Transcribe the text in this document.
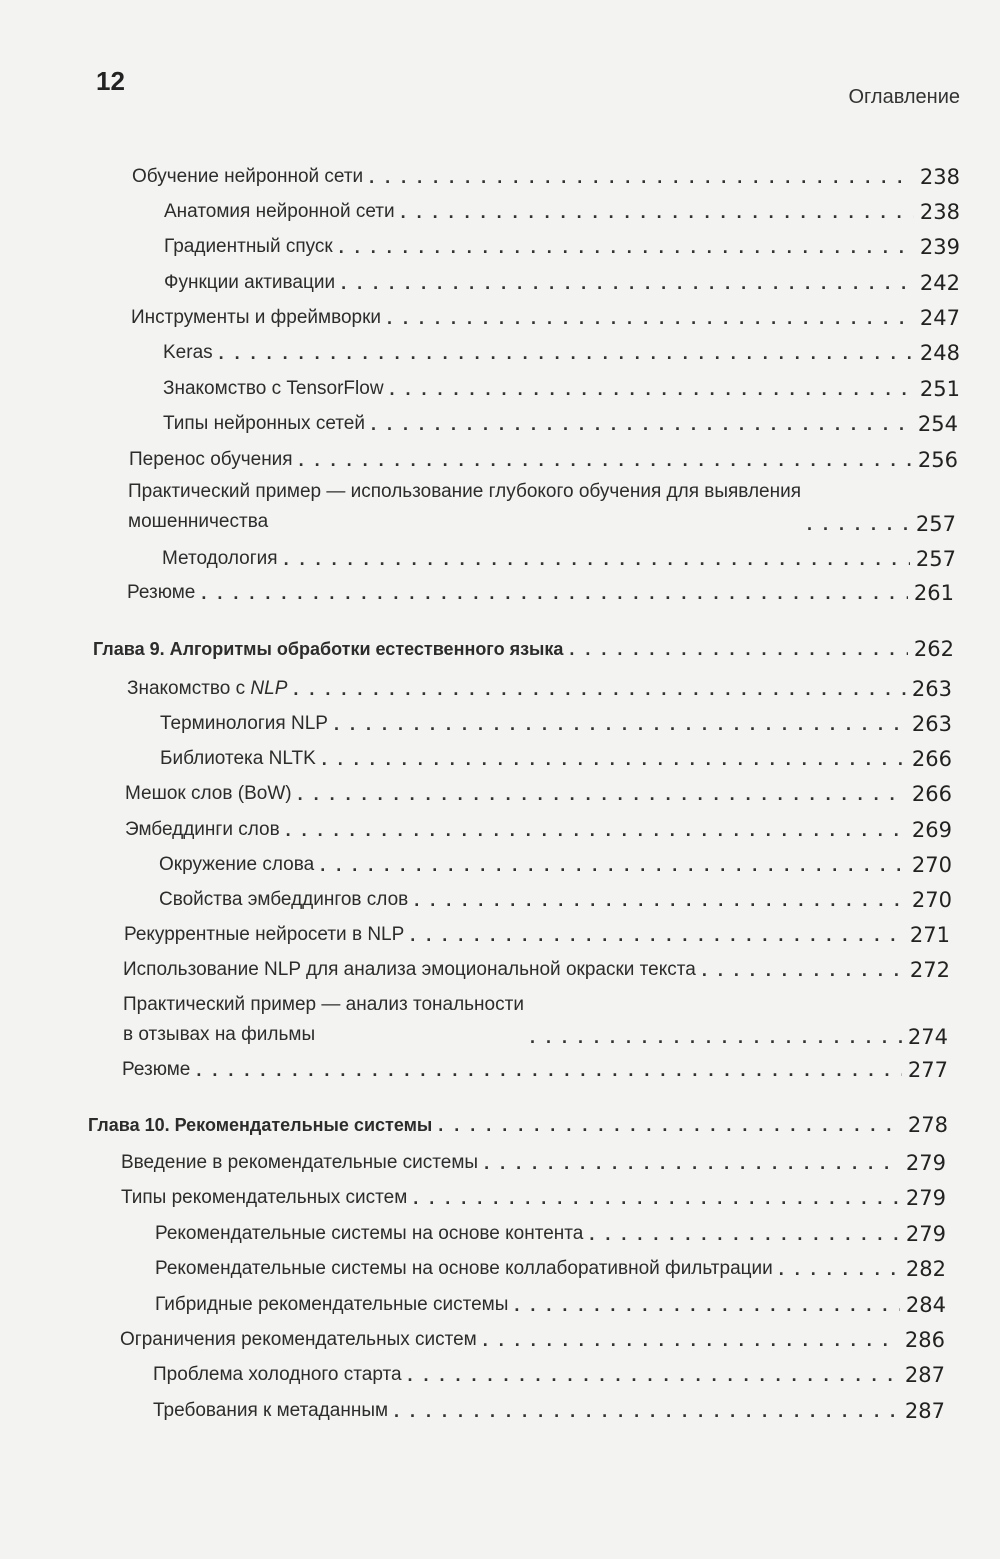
12
Оглавление
Обучение нейронной сети . . .	238
Анатомия нейронной сети . . .	238
Градиентный спуск . . .	239
Функции активации . . .	242
Инструменты и фреймворки . . .	247
Keras . . .	248
Знакомство с TensorFlow . . .	251
Типы нейронных сетей . . .	254
Перенос обучения . . .	256
Практический пример — использование глубокого обучения для выявления
мошенничества . . .	257
Методология . . .	257
Резюме . . .	261
Глава 9. Алгоритмы обработки естественного языка . . .	262
Знакомство с NLP . . .	263
Терминология NLP . . .	263
Библиотека NLTK . . .	266
Мешок слов (BoW) . . .	266
Эмбеддинги слов . . .	269
Окружение слова . . .	270
Свойства эмбеддингов слов . . .	270
Рекуррентные нейросети в NLP . . .	271
Использование NLP для анализа эмоциональной окраски текста . . .	272
Практический пример — анализ тональности
в отзывах на фильмы . . .	274
Резюме . . .	277
Глава 10. Рекомендательные системы . . .	278
Введение в рекомендательные системы . . .	279
Типы рекомендательных систем . . .	279
Рекомендательные системы на основе контента . . .	279
Рекомендательные системы на основе коллаборативной фильтрации . . .	282
Гибридные рекомендательные системы . . .	284
Ограничения рекомендательных систем . . .	286
Проблема холодного старта . . .	287
Требования к метаданным . . .	287
